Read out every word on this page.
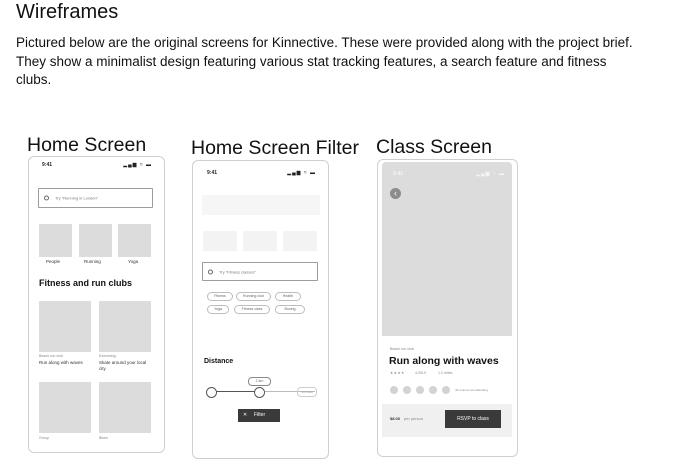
Wireframes
Pictured below are the original screens for Kinnective. These were provided along with the project brief. They show a minimalist design featuring various stat tracking features, a search feature and fitness clubs.
Home Screen Home Screen Filter Class Screen
9:41	▂▄▆ ≈ ▬
Try "Running in London"
People	Running	Yoga
Fitness and run clubs
Beach run club
Run along with waves
Exercising
Skate around your local city
Group	Bikes
9:41	▂▄▆ ≈ ▬
Try "Fitness classes"
Fitness	Running club	Health
Yoga	Fitness class	Boxing
Distance
2 km
10 miles
✕ Filter
9:41	▂▄▆ ≈ ▬
‹
Beach run club
Run along with waves
★★★★	4.0/5.0	1.2 miles
43 runners are attending
$8.00 per person	RSVP to class
